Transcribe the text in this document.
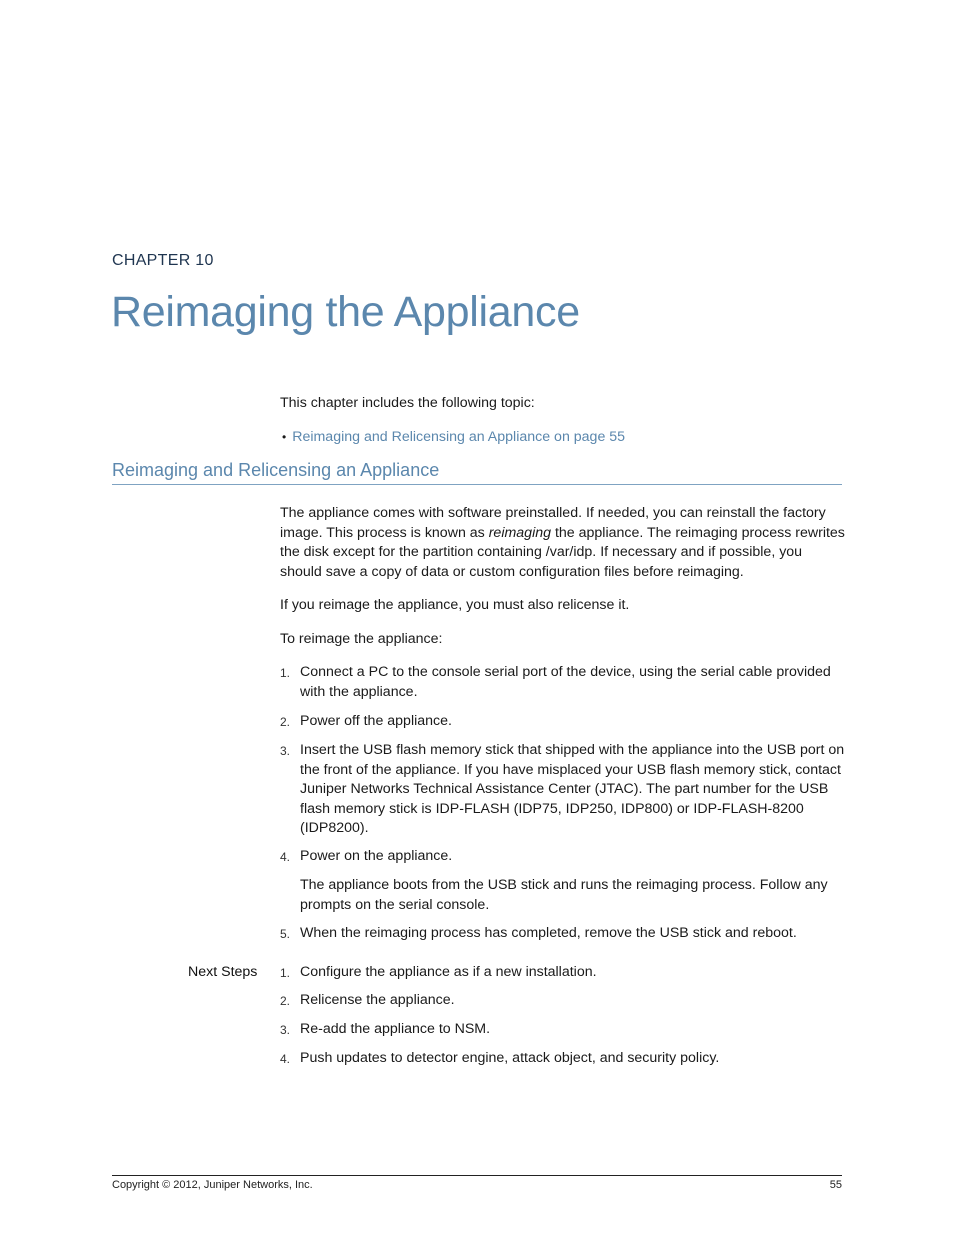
CHAPTER 10
Reimaging the Appliance
This chapter includes the following topic:
• Reimaging and Relicensing an Appliance on page 55
Reimaging and Relicensing an Appliance
The appliance comes with software preinstalled. If needed, you can reinstall the factory image. This process is known as reimaging the appliance. The reimaging process rewrites the disk except for the partition containing /var/idp. If necessary and if possible, you should save a copy of data or custom configuration files before reimaging.
If you reimage the appliance, you must also relicense it.
To reimage the appliance:
1. Connect a PC to the console serial port of the device, using the serial cable provided with the appliance.
2. Power off the appliance.
3. Insert the USB flash memory stick that shipped with the appliance into the USB port on the front of the appliance. If you have misplaced your USB flash memory stick, contact Juniper Networks Technical Assistance Center (JTAC). The part number for the USB flash memory stick is IDP-FLASH (IDP75, IDP250, IDP800) or IDP-FLASH-8200 (IDP8200).
4. Power on the appliance.
The appliance boots from the USB stick and runs the reimaging process. Follow any prompts on the serial console.
5. When the reimaging process has completed, remove the USB stick and reboot.
Next Steps 1. Configure the appliance as if a new installation.
2. Relicense the appliance.
3. Re-add the appliance to NSM.
4. Push updates to detector engine, attack object, and security policy.
Copyright © 2012, Juniper Networks, Inc.	55
